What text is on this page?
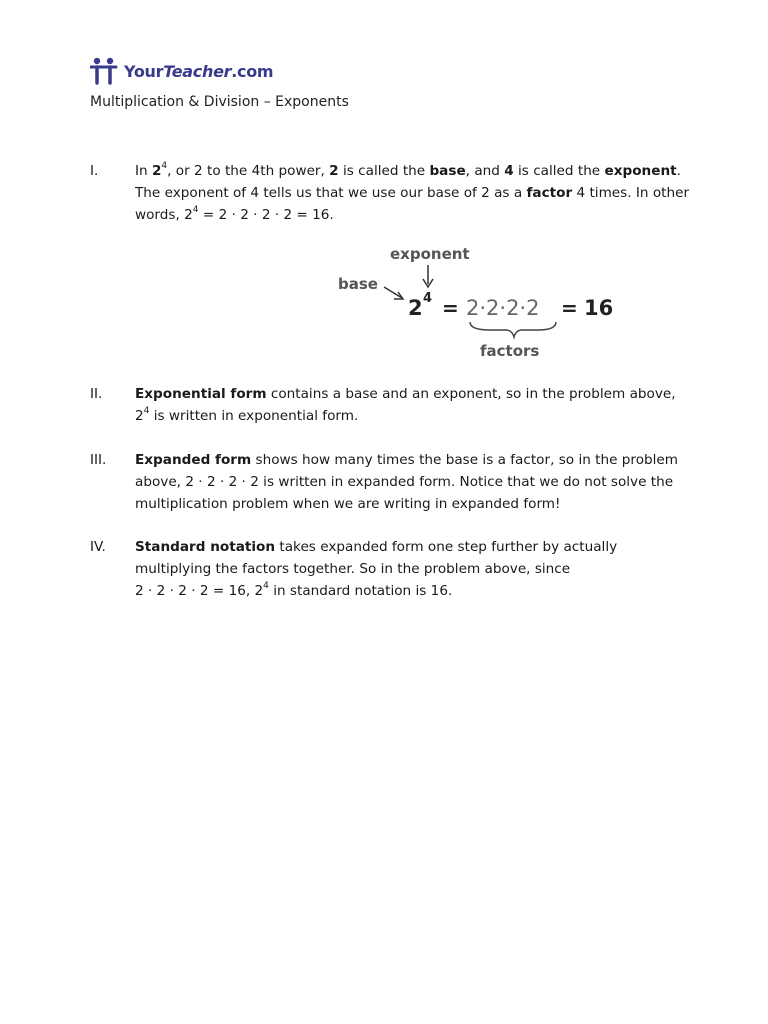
YourTeacher.com
Multiplication & Division – Exponents
I.	In $2^4$, or 2 to the 4th power, 2 is called the base, and 4 is called the exponent. The exponent of 4 tells us that we use our base of 2 as a factor 4 times. In other words, $2^4 = 2 \cdot 2 \cdot 2 \cdot 2 = 16$.
exponent
base
2 4 = 2·2·2·2 = 16
factors
II.	Exponential form contains a base and an exponent, so in the problem above, $2^4$ is written in exponential form.
III.	Expanded form shows how many times the base is a factor, so in the problem above, 2 · 2 · 2 · 2 is written in expanded form. Notice that we do not solve the multiplication problem when we are writing in expanded form!
IV.	Standard notation takes expanded form one step further by actually multiplying the factors together. So in the problem above, since
2 · 2 · 2 · 2 = 16, $2^4$ in standard notation is 16.
